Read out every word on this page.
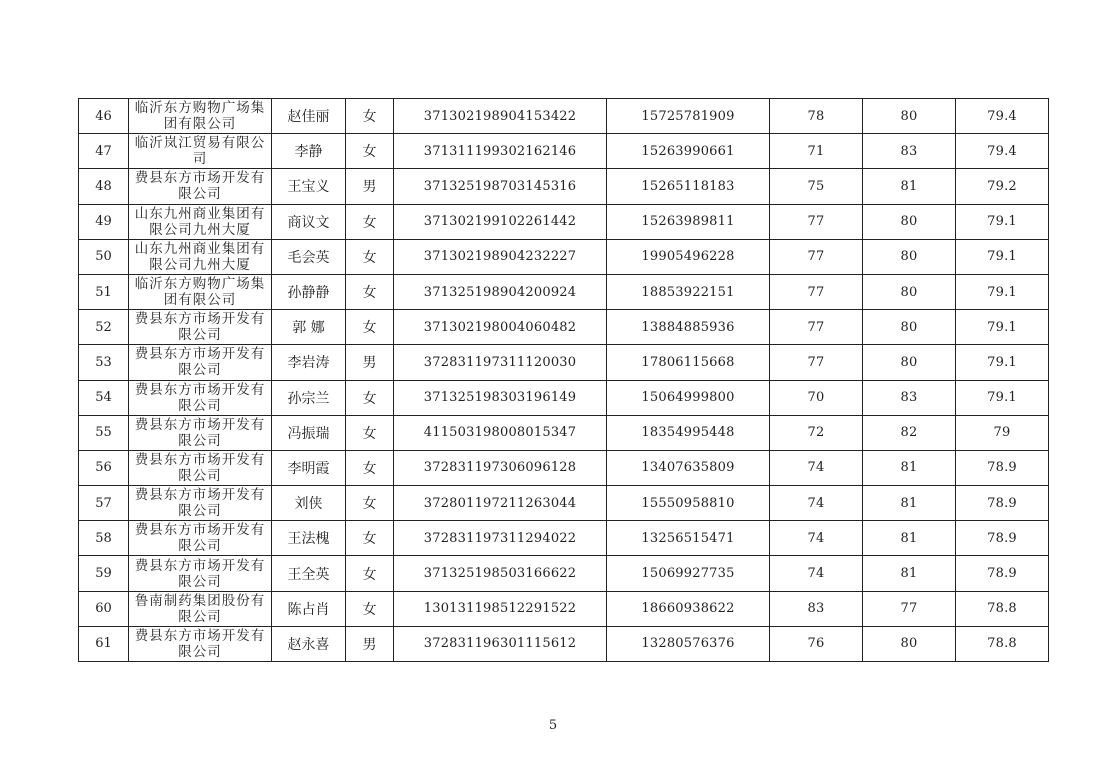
46	临沂东方购物广场集团有限公司	赵佳丽	女	371302198904153422	15725781909	78	80	79.4
47	临沂岚江贸易有限公司	李静	女	371311199302162146	15263990661	71	83	79.4
48	费县东方市场开发有限公司	王宝义	男	371325198703145316	15265118183	75	81	79.2
49	山东九州商业集团有限公司九州大厦	商议文	女	371302199102261442	15263989811	77	80	79.1
50	山东九州商业集团有限公司九州大厦	毛会英	女	371302198904232227	19905496228	77	80	79.1
51	临沂东方购物广场集团有限公司	孙静静	女	371325198904200924	18853922151	77	80	79.1
52	费县东方市场开发有限公司	郭 娜	女	371302198004060482	13884885936	77	80	79.1
53	费县东方市场开发有限公司	李岩涛	男	372831197311120030	17806115668	77	80	79.1
54	费县东方市场开发有限公司	孙宗兰	女	371325198303196149	15064999800	70	83	79.1
55	费县东方市场开发有限公司	冯振瑞	女	411503198008015347	18354995448	72	82	79
56	费县东方市场开发有限公司	李明霞	女	372831197306096128	13407635809	74	81	78.9
57	费县东方市场开发有限公司	刘侠	女	372801197211263044	15550958810	74	81	78.9
58	费县东方市场开发有限公司	王法槐	女	372831197311294022	13256515471	74	81	78.9
59	费县东方市场开发有限公司	王全英	女	371325198503166622	15069927735	74	81	78.9
60	鲁南制药集团股份有限公司	陈占肖	女	130131198512291522	18660938622	83	77	78.8
61	费县东方市场开发有限公司	赵永喜	男	372831196301115612	13280576376	76	80	78.8
5
